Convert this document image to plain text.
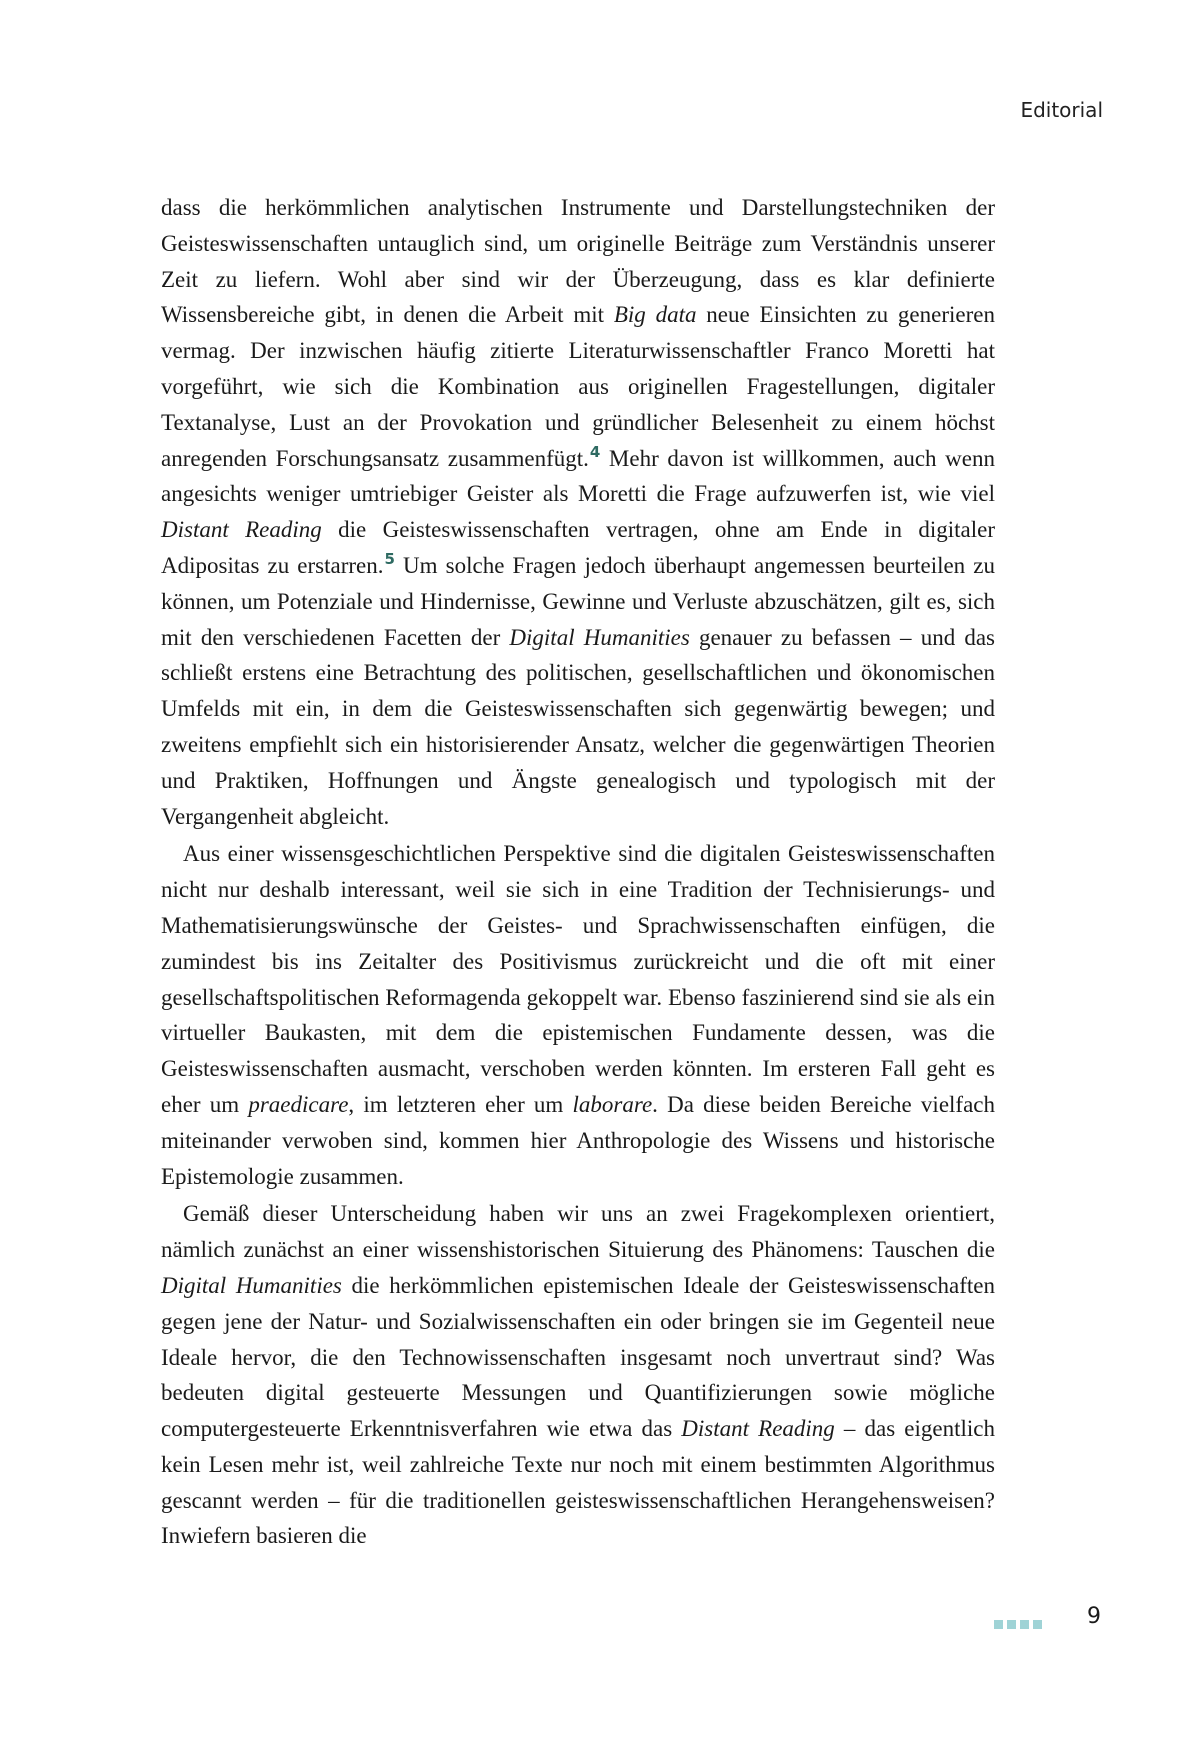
Editorial

dass die herkömmlichen analytischen Instrumente und Darstellungstechniken der Geisteswissenschaften untauglich sind, um originelle Beiträge zum Verständnis unserer Zeit zu liefern. Wohl aber sind wir der Überzeugung, dass es klar definierte Wissensbereiche gibt, in denen die Arbeit mit Big data neue Einsichten zu generieren vermag. Der inzwischen häufig zitierte Literaturwissenschaftler Franco Moretti hat vorgeführt, wie sich die Kombination aus originellen Fragestellungen, digitaler Textanalyse, Lust an der Provokation und gründlicher Belesenheit zu einem höchst anregenden Forschungsansatz zusammenfügt.$^4$ Mehr davon ist willkommen, auch wenn angesichts weniger umtriebiger Geister als Moretti die Frage aufzuwerfen ist, wie viel Distant Reading die Geisteswissenschaften vertragen, ohne am Ende in digitaler Adipositas zu erstarren.$^5$ Um solche Fragen jedoch überhaupt angemessen beurteilen zu können, um Potenziale und Hindernisse, Gewinne und Verluste abzuschätzen, gilt es, sich mit den verschiedenen Facetten der Digital Humanities genauer zu befassen – und das schließt erstens eine Betrachtung des politischen, gesellschaftlichen und ökonomischen Umfelds mit ein, in dem die Geisteswissenschaften sich gegenwärtig bewegen; und zweitens empfiehlt sich ein historisierender Ansatz, welcher die gegenwärtigen Theorien und Praktiken, Hoffnungen und Ängste genealogisch und typologisch mit der Vergangenheit abgleicht.

Aus einer wissensgeschichtlichen Perspektive sind die digitalen Geisteswissenschaften nicht nur deshalb interessant, weil sie sich in eine Tradition der Technisierungs- und Mathematisierungswünsche der Geistes- und Sprachwissenschaften einfügen, die zumindest bis ins Zeitalter des Positivismus zurückreicht und die oft mit einer gesellschaftspolitischen Reformagenda gekoppelt war. Ebenso faszinierend sind sie als ein virtueller Baukasten, mit dem die epistemischen Fundamente dessen, was die Geisteswissenschaften ausmacht, verschoben werden könnten. Im ersteren Fall geht es eher um praedicare, im letzteren eher um laborare. Da diese beiden Bereiche vielfach miteinander verwoben sind, kommen hier Anthropologie des Wissens und historische Epistemologie zusammen.

Gemäß dieser Unterscheidung haben wir uns an zwei Fragekomplexen orientiert, nämlich zunächst an einer wissenshistorischen Situierung des Phänomens: Tauschen die Digital Humanities die herkömmlichen epistemischen Ideale der Geisteswissenschaften gegen jene der Natur- und Sozialwissenschaften ein oder bringen sie im Gegenteil neue Ideale hervor, die den Technowissenschaften insgesamt noch unvertraut sind? Was bedeuten digital gesteuerte Messungen und Quantifizierungen sowie mögliche computergesteuerte Erkenntnisverfahren wie etwa das Distant Reading – das eigentlich kein Lesen mehr ist, weil zahlreiche Texte nur noch mit einem bestimmten Algorithmus gescannt werden – für die traditionellen geisteswissenschaftlichen Herangehensweisen? Inwiefern basieren die

9
